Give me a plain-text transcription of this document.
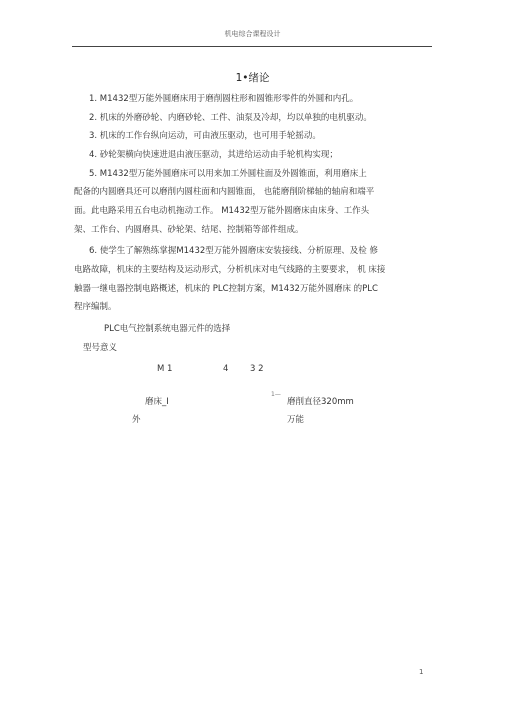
机电综合课程设计
1•绪论
1. M1432型万能外圆磨床用于磨削圆柱形和圆锥形零件的外圆和内孔。
2. 机床的外磨砂轮、内磨砂轮、工件、油泵及冷却，均以单独的电机驱动。
3. 机床的工作台纵向运动，可由液压驱动，也可用手轮摇动。
4. 砂轮架横向快速进退由液压驱动，其进给运动由手轮机构实现；
5. M1432型万能外圆磨床可以用来加工外圆柱面及外圆锥面，利用磨床上
配备的内圆磨具还可以磨削内圆柱面和内圆锥面， 也能磨削阶梯轴的轴肩和端平
面。此电路采用五台电动机拖动工作。 M1432型万能外圆磨床由床身、工作头
架、工作台、内圆磨具、砂轮架、结尾、控制箱等部件组成。
6. 使学生了解熟练掌握M1432型万能外圆磨床安装接线、分析原理、及检 修
电路故障，机床的主要结构及运动形式，分析机床对电气线路的主要要求， 机 床接
触器一继电器控制电路概述，机床的 PLC控制方案，M1432万能外圆磨床 的PLC
程序编制。
PLC电气控制系统电器元件的选择
型号意义
M 1	4	3 2
磨床_I
1—
磨削直径320mm
外	万能
1
